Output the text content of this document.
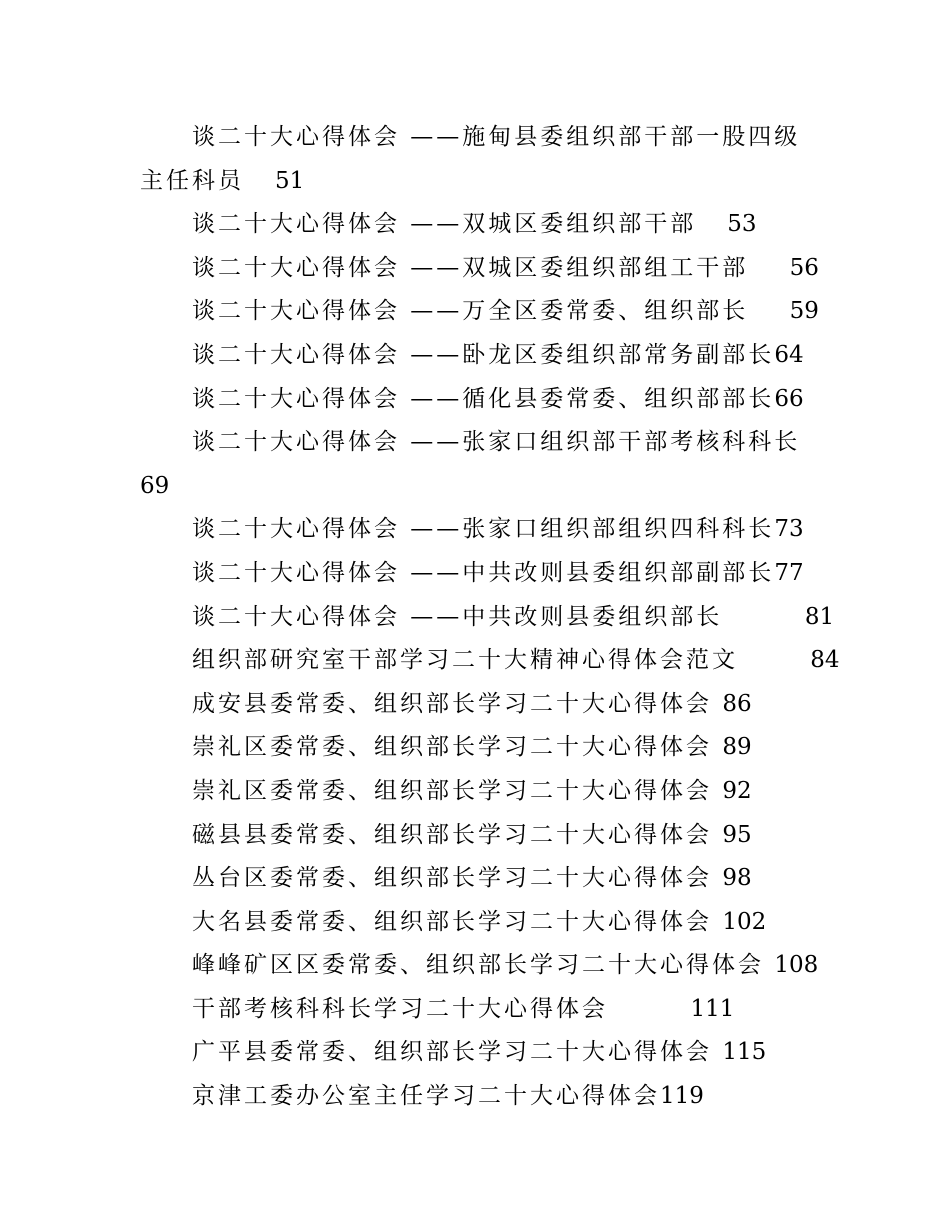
谈二十大心得体会 ——施甸县委组织部干部一股四级主任科员 51
谈二十大心得体会 ——双城区委组织部干部 53
谈二十大心得体会 ——双城区委组织部组工干部 56
谈二十大心得体会 ——万全区委常委、组织部长 59
谈二十大心得体会 ——卧龙区委组织部常务副部长64
谈二十大心得体会 ——循化县委常委、组织部部长66
谈二十大心得体会 ——张家口组织部干部考核科科长69
谈二十大心得体会 ——张家口组织部组织四科科长73
谈二十大心得体会 ——中共改则县委组织部副部长77
谈二十大心得体会 ——中共改则县委组织部长	81
组织部研究室干部学习二十大精神心得体会范文	84
成安县委常委、组织部长学习二十大心得体会 86
崇礼区委常委、组织部长学习二十大心得体会 89
崇礼区委常委、组织部长学习二十大心得体会 92
磁县县委常委、组织部长学习二十大心得体会 95
丛台区委常委、组织部长学习二十大心得体会 98
大名县委常委、组织部长学习二十大心得体会 102
峰峰矿区区委常委、组织部长学习二十大心得体会 108
干部考核科科长学习二十大心得体会	111
广平县委常委、组织部长学习二十大心得体会 115
京津工委办公室主任学习二十大心得体会119
